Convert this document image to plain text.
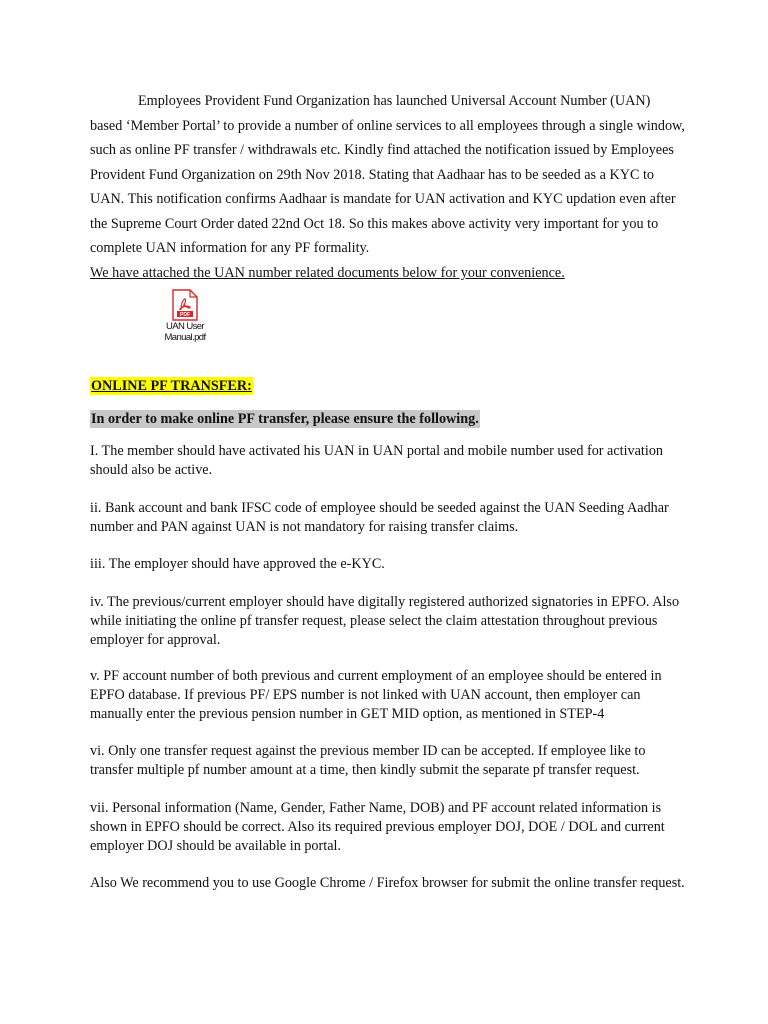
Employees Provident Fund Organization has launched Universal Account Number (UAN) based ‘Member Portal’ to provide a number of online services to all employees through a single window, such as online PF transfer / withdrawals etc. Kindly find attached the notification issued by Employees Provident Fund Organization on 29th Nov 2018. Stating that Aadhaar has to be seeded as a KYC to UAN. This notification confirms Aadhaar is mandate for UAN activation and KYC updation even after the Supreme Court Order dated 22nd Oct 18. So this makes above activity very important for you to complete UAN information for any PF formality.

We have attached the UAN number related documents below for your convenience.

PDF
UAN User
Manual.pdf
ONLINE PF TRANSFER:
In order to make online PF transfer, please ensure the following.

I. The member should have activated his UAN in UAN portal and mobile number used for activation should also be active.

ii. Bank account and bank IFSC code of employee should be seeded against the UAN Seeding Aadhar number and PAN against UAN is not mandatory for raising transfer claims.

iii. The employer should have approved the e-KYC.

iv. The previous/current employer should have digitally registered authorized signatories in EPFO. Also while initiating the online pf transfer request, please select the claim attestation throughout previous employer for approval.

v. PF account number of both previous and current employment of an employee should be entered in EPFO database. If previous PF/ EPS number is not linked with UAN account, then employer can manually enter the previous pension number in GET MID option, as mentioned in STEP-4

vi. Only one transfer request against the previous member ID can be accepted. If employee like to transfer multiple pf number amount at a time, then kindly submit the separate pf transfer request.

vii. Personal information (Name, Gender, Father Name, DOB) and PF account related information is shown in EPFO should be correct. Also its required previous employer DOJ, DOE / DOL and current employer DOJ should be available in portal.

Also We recommend you to use Google Chrome / Firefox browser for submit the online transfer request.
